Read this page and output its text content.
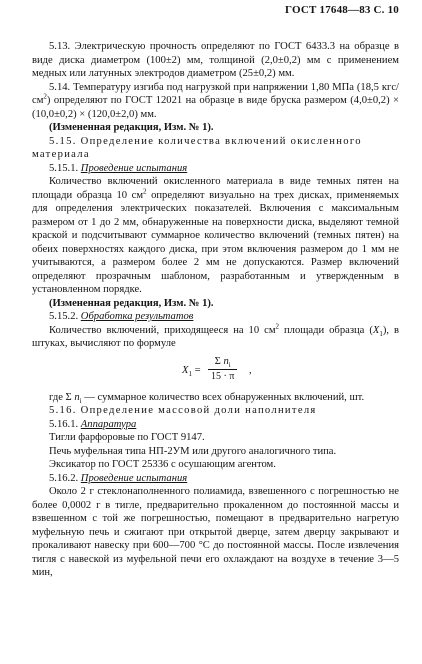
ГОСТ 17648—83 С. 10

5.13. Электрическую прочность определяют по ГОСТ 6433.3 на образце в виде диска диаметром (100±2) мм, толщиной (2,0±0,2) мм с применением медных или латунных электродов диаметром (25±0,2) мм.

5.14. Температуру изгиба под нагрузкой при напряжении 1,80 МПа (18,5 кгс/$см^2$) определяют по ГОСТ 12021 на образце в виде бруска размером (4,0±0,2) × (10,0±0,2) × (120,0±2,0) мм.

(Измененная редакция, Изм. № 1).

5.15. Определение количества включений окисленного материала

5.15.1. Проведение испытания

Количество включений окисленного материала в виде темных пятен на площади образца 10 $см^2$ определяют визуально на трех дисках, применяемых для определения электрических показателей. Включения с максимальным размером от 1 до 2 мм, обнаруженные на поверхности диска, выделяют темной краской и подсчитывают суммарное количество включений (темных пятен) на обеих поверхностях каждого диска, при этом включения размером до 1 мм не учитываются, а размером более 2 мм не допускаются. Размер включений определяют прозрачным шаблоном, разработанным и утвержденным в установленном порядке.

(Измененная редакция, Изм. № 1).

5.15.2. Обработка результатов

Количество включений, приходящееся на 10 $см^2$ площади образца $(X_1)$, в штуках, вычисляют по формуле

$X_1 = \frac{\Sigma n_i}{15 \cdot \pi}$ ,

где Σ $n_i$ — суммарное количество всех обнаруженных включений, шт.

5.16. Определение массовой доли наполнителя

5.16.1. Аппаратура

Тигли фарфоровые по ГОСТ 9147.

Печь муфельная типа НП-2УМ или другого аналогичного типа.

Эксикатор по ГОСТ 25336 с осушающим агентом.

5.16.2. Проведение испытания

Около 2 г стеклонаполненного полиамида, взвешенного с погрешностью не более 0,0002 г в тигле, предварительно прокаленном до постоянной массы и взвешенном с той же погрешностью, помещают в предварительно нагретую муфельную печь и сжигают при открытой дверце, затем дверцу закрывают и прокаливают навеску при 600—700 °С до постоянной массы. После извлечения тигля с навеской из муфельной печи его охлаждают на воздухе в течение 3—5 мин,
